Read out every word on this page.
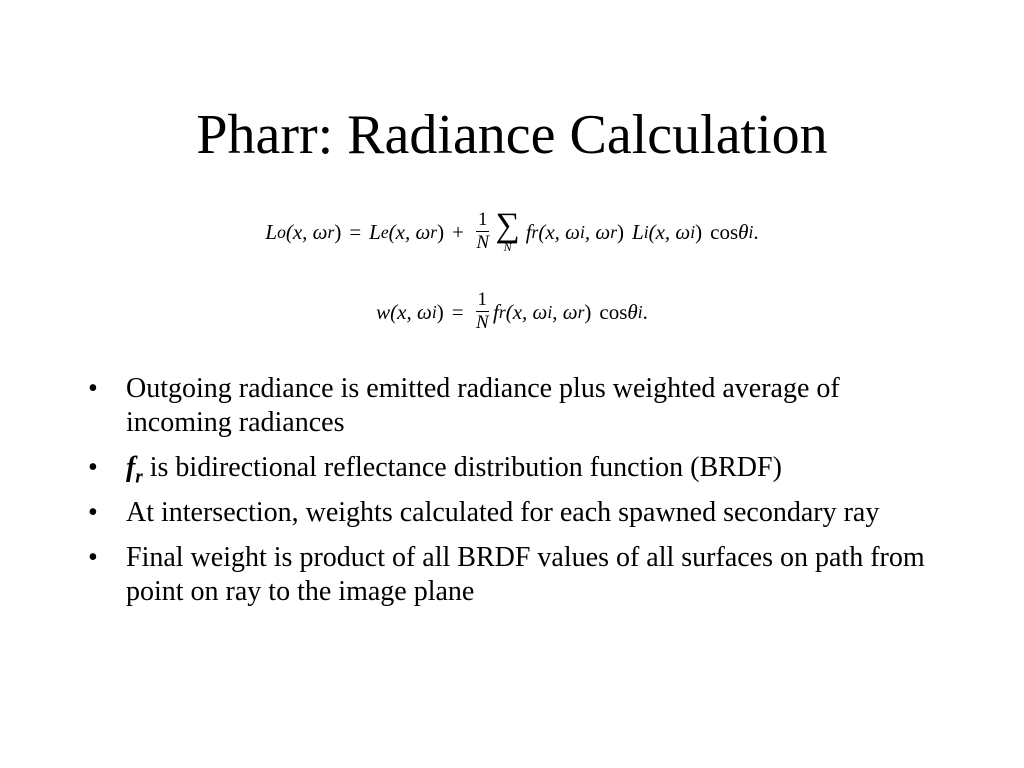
Pharr: Radiance Calculation
L o (x, ω r ) = L e (x, ω r ) + $\frac{1}{N}$ ∑
N
f r (x, ω i , ω r ) L i (x, ω i ) cos θ i .
w (x, ω i ) = $\frac{1}{N}$ f r (x, ω i , ω r ) cos θ i .
• Outgoing radiance is emitted radiance plus weighted average of incoming radiances
• $f_r$ is bidirectional reflectance distribution function (BRDF)
• At intersection, weights calculated for each spawned secondary ray
• Final weight is product of all BRDF values of all surfaces on path from point on ray to the image plane
